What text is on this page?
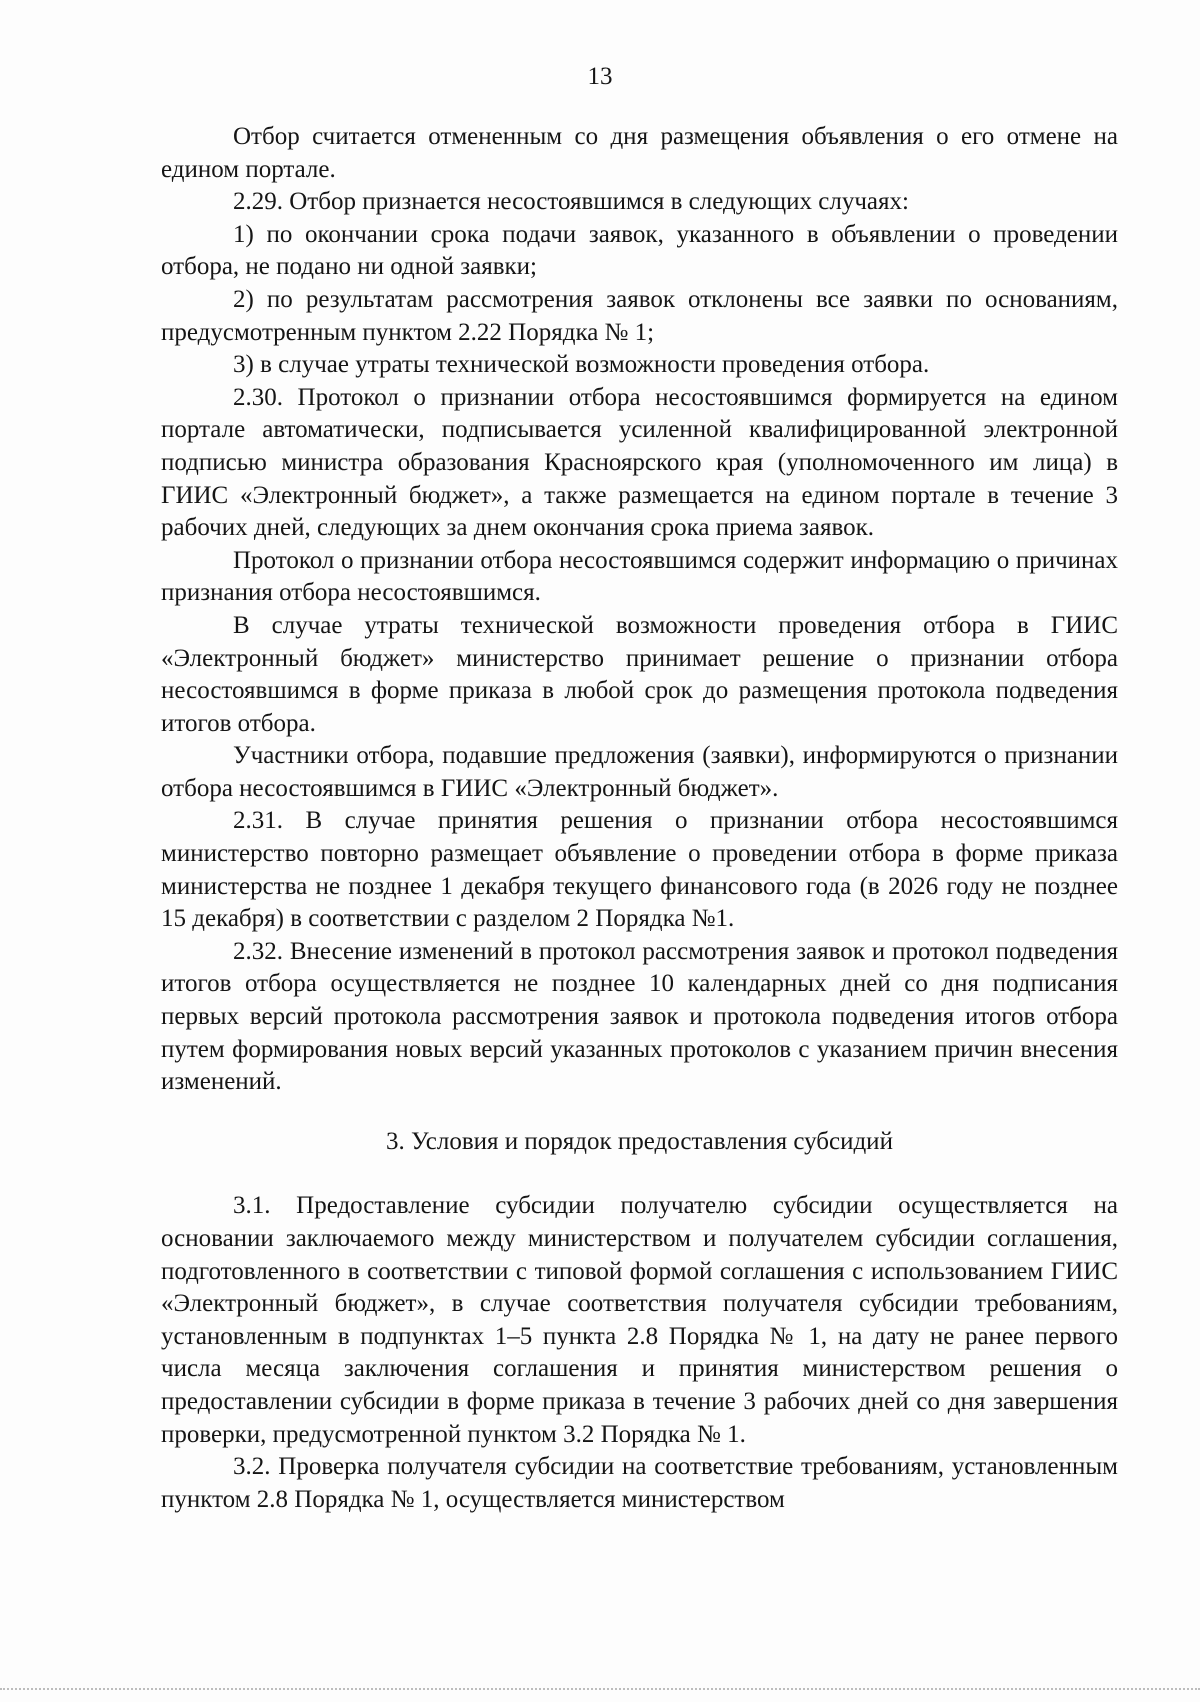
13

Отбор считается отмененным со дня размещения объявления о его отмене на едином портале.

2.29. Отбор признается несостоявшимся в следующих случаях:

1) по окончании срока подачи заявок, указанного в объявлении о проведении отбора, не подано ни одной заявки;

2) по результатам рассмотрения заявок отклонены все заявки по основаниям, предусмотренным пунктом 2.22 Порядка № 1;

3) в случае утраты технической возможности проведения отбора.

2.30. Протокол о признании отбора несостоявшимся формируется на едином портале автоматически, подписывается усиленной квалифицированной электронной подписью министра образования Красноярского края (уполномоченного им лица) в ГИИС «Электронный бюджет», а также размещается на едином портале в течение 3 рабочих дней, следующих за днем окончания срока приема заявок.

Протокол о признании отбора несостоявшимся содержит информацию о причинах признания отбора несостоявшимся.

В случае утраты технической возможности проведения отбора в ГИИС «Электронный бюджет» министерство принимает решение о признании отбора несостоявшимся в форме приказа в любой срок до размещения протокола подведения итогов отбора.

Участники отбора, подавшие предложения (заявки), информируются о признании отбора несостоявшимся в ГИИС «Электронный бюджет».

2.31. В случае принятия решения о признании отбора несостоявшимся министерство повторно размещает объявление о проведении отбора в форме приказа министерства не позднее 1 декабря текущего финансового года (в 2026 году не позднее 15 декабря) в соответствии с разделом 2 Порядка №1.

2.32. Внесение изменений в протокол рассмотрения заявок и протокол подведения итогов отбора осуществляется не позднее 10 календарных дней со дня подписания первых версий протокола рассмотрения заявок и протокола подведения итогов отбора путем формирования новых версий указанных протоколов с указанием причин внесения изменений.

3. Условия и порядок предоставления субсидий

3.1. Предоставление субсидии получателю субсидии осуществляется на основании заключаемого между министерством и получателем субсидии соглашения, подготовленного в соответствии с типовой формой соглашения с использованием ГИИС «Электронный бюджет», в случае соответствия получателя субсидии требованиям, установленным в подпунктах 1–5 пункта 2.8 Порядка № 1, на дату не ранее первого числа месяца заключения соглашения и принятия министерством решения о предоставлении субсидии в форме приказа в течение 3 рабочих дней со дня завершения проверки, предусмотренной пунктом 3.2 Порядка № 1.

3.2. Проверка получателя субсидии на соответствие требованиям, установленным пунктом 2.8 Порядка № 1, осуществляется министерством
